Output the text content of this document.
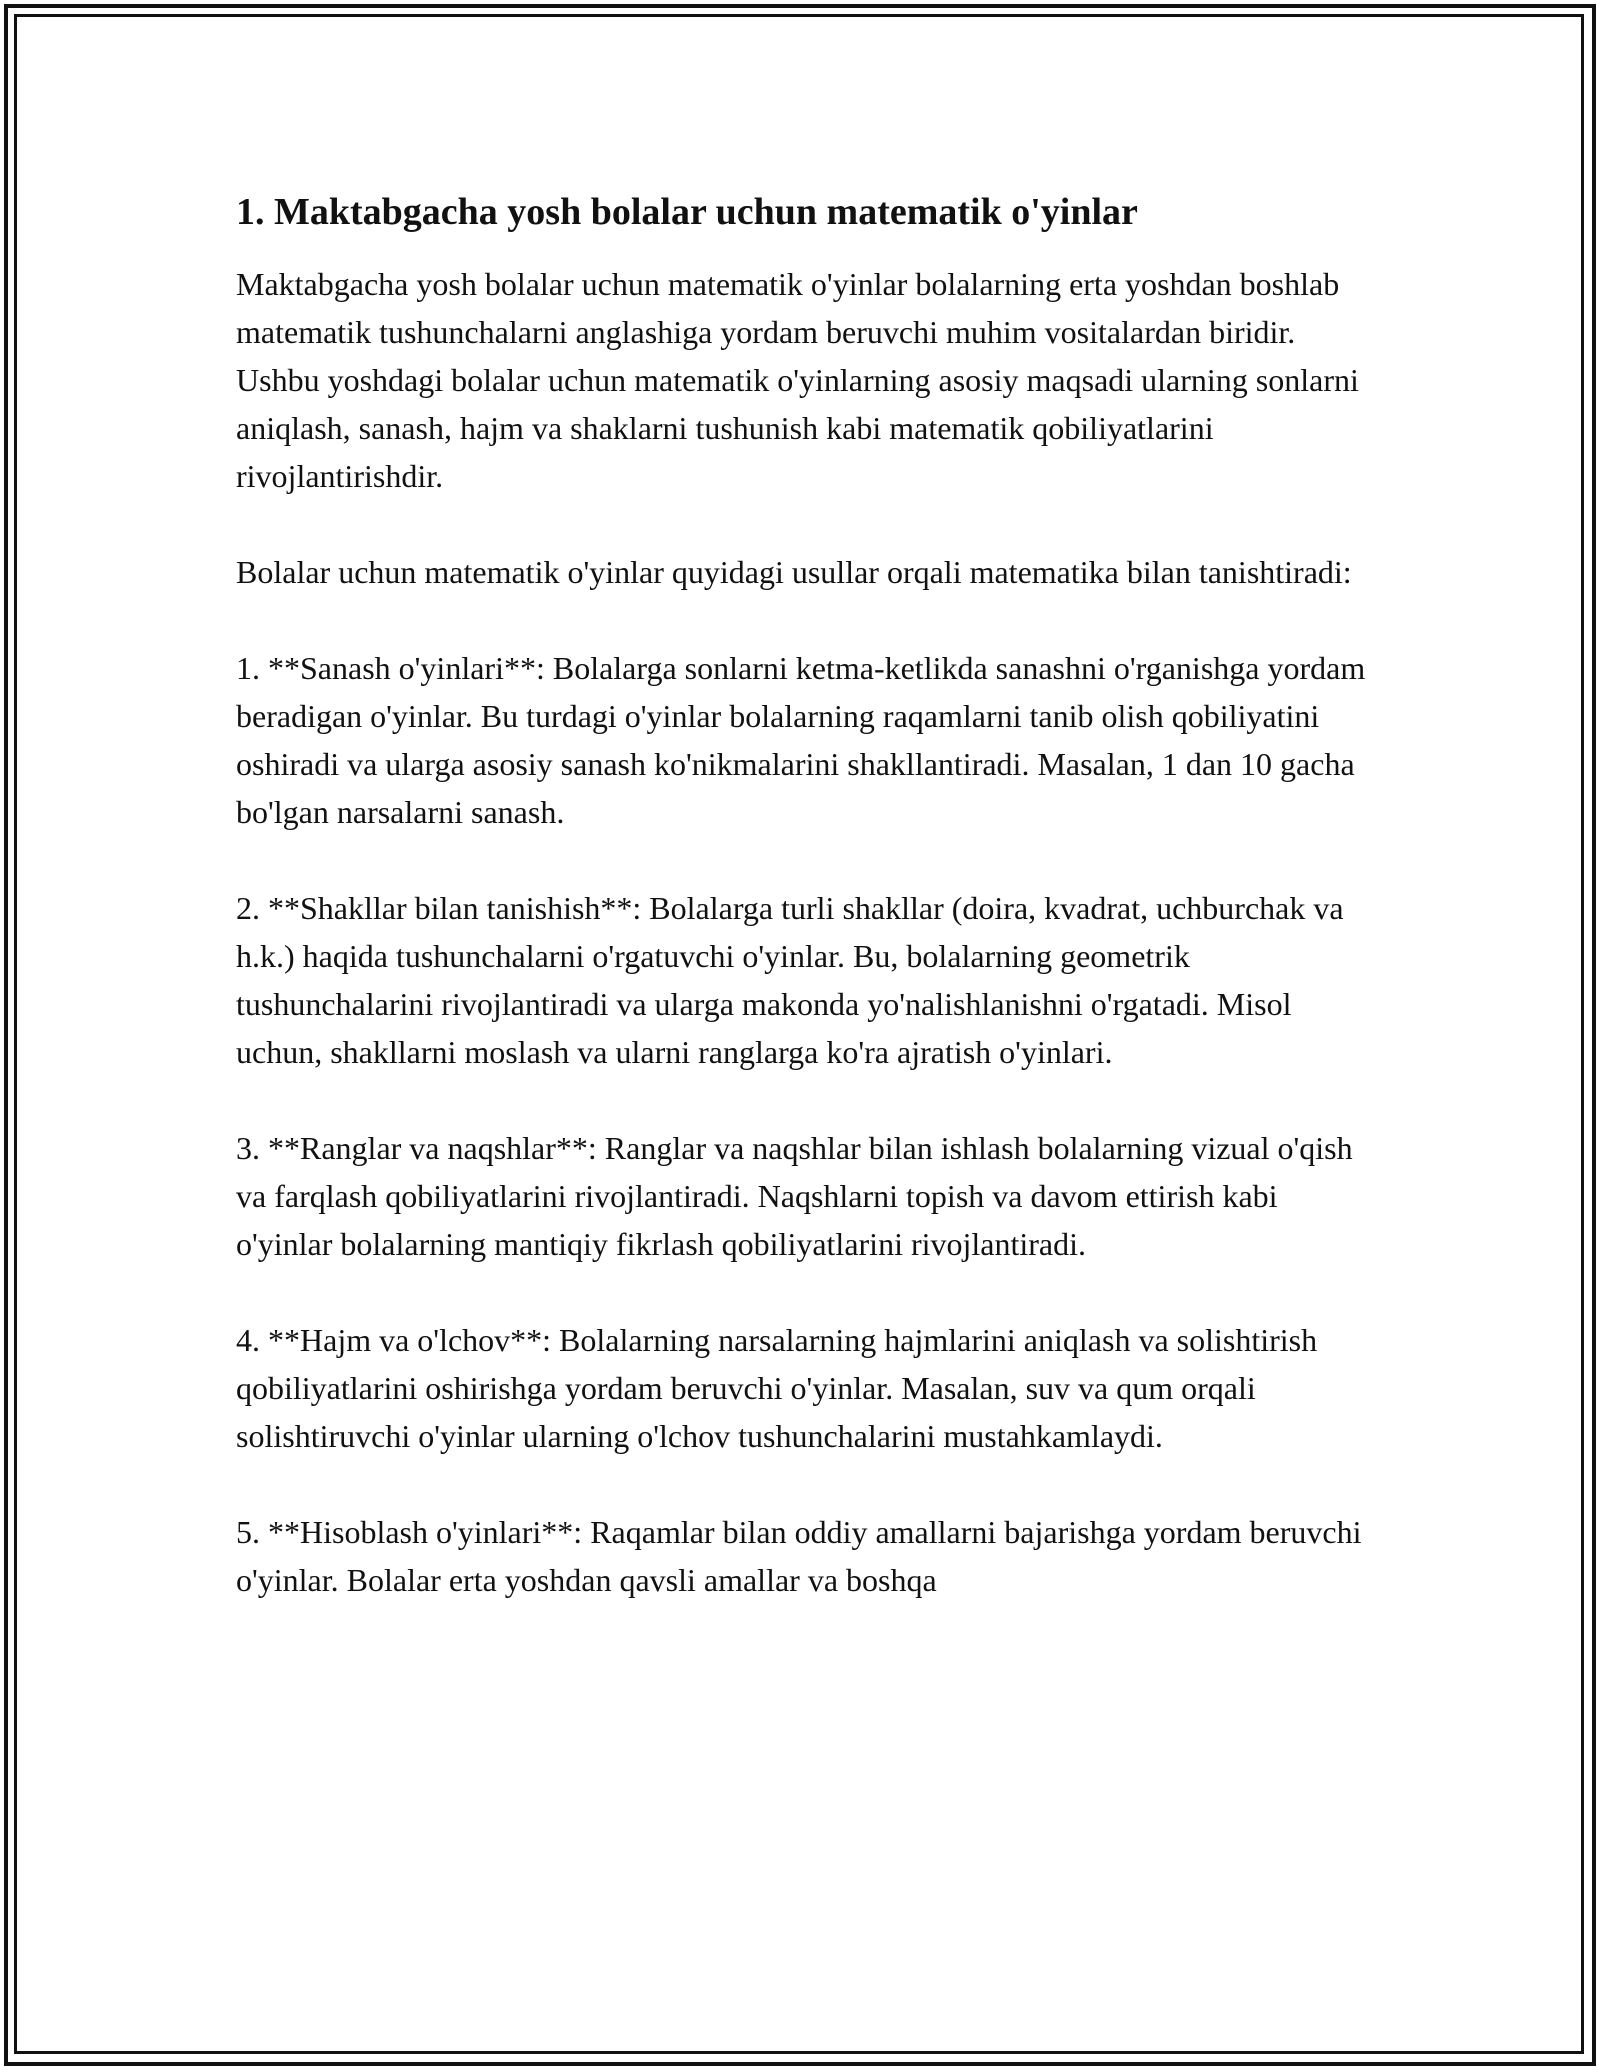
1. Maktabgacha yosh bolalar uchun matematik o'yinlar

Maktabgacha yosh bolalar uchun matematik o'yinlar bolalarning erta yoshdan boshlab matematik tushunchalarni anglashiga yordam beruvchi muhim vositalardan biridir. Ushbu yoshdagi bolalar uchun matematik o'yinlarning asosiy maqsadi ularning sonlarni aniqlash, sanash, hajm va shaklarni tushunish kabi matematik qobiliyatlarini rivojlantirishdir.

Bolalar uchun matematik o'yinlar quyidagi usullar orqali matematika bilan tanishtiradi:

1. **Sanash o'yinlari**: Bolalarga sonlarni ketma-ketlikda sanashni o'rganishga yordam beradigan o'yinlar. Bu turdagi o'yinlar bolalarning raqamlarni tanib olish qobiliyatini oshiradi va ularga asosiy sanash ko'nikmalarini shakllantiradi. Masalan, 1 dan 10 gacha bo'lgan narsalarni sanash.

2. **Shakllar bilan tanishish**: Bolalarga turli shakllar (doira, kvadrat, uchburchak va h.k.) haqida tushunchalarni o'rgatuvchi o'yinlar. Bu, bolalarning geometrik tushunchalarini rivojlantiradi va ularga makonda yo'nalishlanishni o'rgatadi. Misol uchun, shakllarni moslash va ularni ranglarga ko'ra ajratish o'yinlari.

3. **Ranglar va naqshlar**: Ranglar va naqshlar bilan ishlash bolalarning vizual o'qish va farqlash qobiliyatlarini rivojlantiradi. Naqshlarni topish va davom ettirish kabi o'yinlar bolalarning mantiqiy fikrlash qobiliyatlarini rivojlantiradi.

4. **Hajm va o'lchov**: Bolalarning narsalarning hajmlarini aniqlash va solishtirish qobiliyatlarini oshirishga yordam beruvchi o'yinlar. Masalan, suv va qum orqali solishtiruvchi o'yinlar ularning o'lchov tushunchalarini mustahkamlaydi.

5. **Hisoblash o'yinlari**: Raqamlar bilan oddiy amallarni bajarishga yordam beruvchi o'yinlar. Bolalar erta yoshdan qavsli amallar va boshqa
